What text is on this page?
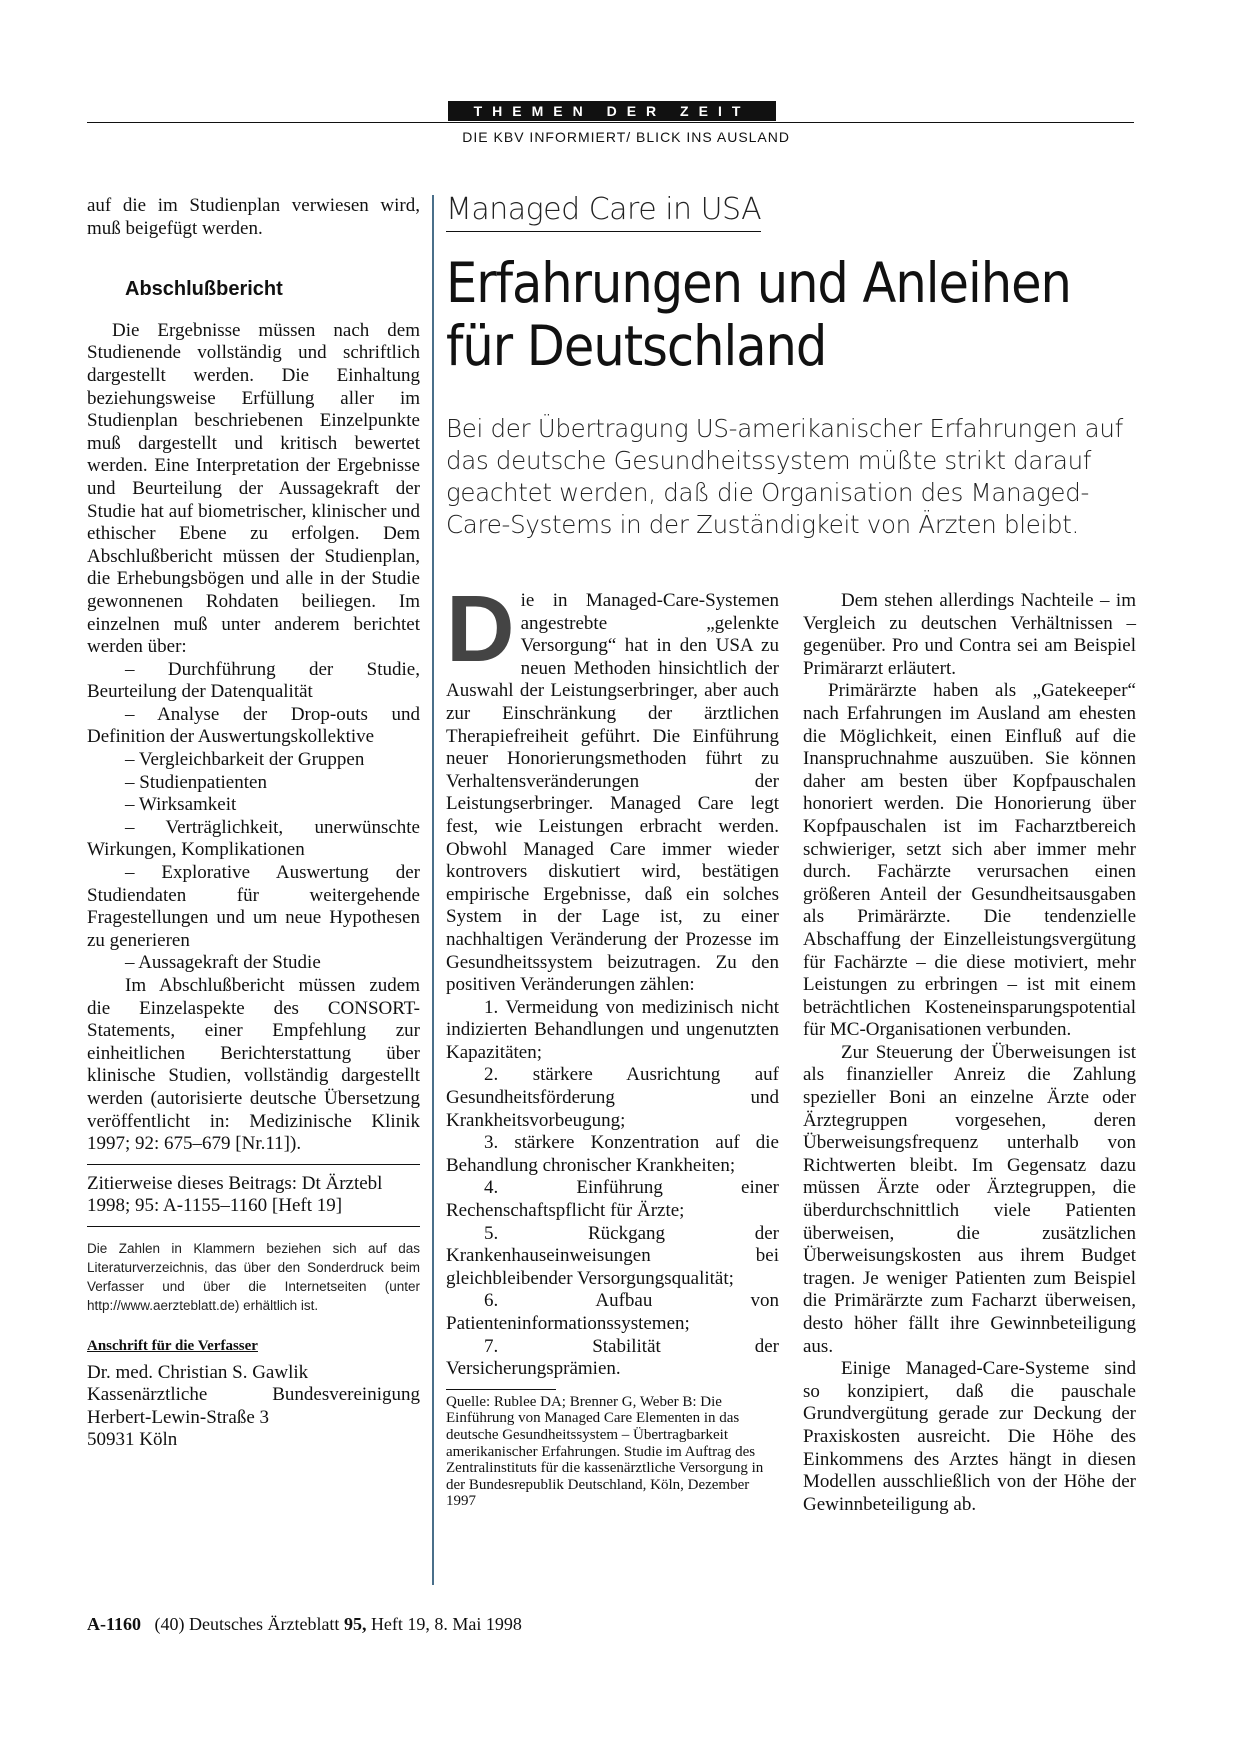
THEMEN DER ZEIT
DIE KBV INFORMIERT/ BLICK INS AUSLAND

auf die im Studienplan verwiesen wird, muß beigefügt werden.

Abschlußbericht

Die Ergebnisse müssen nach dem Studienende vollständig und schriftlich dargestellt werden. Die Einhaltung beziehungsweise Erfüllung aller im Studienplan beschriebenen Einzelpunkte muß dargestellt und kritisch bewertet werden. Eine Interpretation der Ergebnisse und Beurteilung der Aussagekraft der Studie hat auf biometrischer, klinischer und ethischer Ebene zu erfolgen. Dem Abschlußbericht müssen der Studienplan, die Erhebungsbögen und alle in der Studie gewonnenen Rohdaten beiliegen. Im einzelnen muß unter anderem berichtet werden über:

– Durchführung der Studie, Beurteilung der Datenqualität

– Analyse der Drop-outs und Definition der Auswertungskollektive

– Vergleichbarkeit der Gruppen

– Studienpatienten

– Wirksamkeit

– Verträglichkeit, unerwünschte Wirkungen, Komplikationen

– Explorative Auswertung der Studiendaten für weitergehende Fragestellungen und um neue Hypothesen zu generieren

– Aussagekraft der Studie

Im Abschlußbericht müssen zudem die Einzelaspekte des CONSORT-Statements, einer Empfehlung zur einheitlichen Berichterstattung über klinische Studien, vollständig dargestellt werden (autorisierte deutsche Übersetzung veröffentlicht in: Medizinische Klinik 1997; 92: 675–679 [Nr.11]).

Zitierweise dieses Beitrags: Dt Ärztebl 1998; 95: A-1155–1160 [Heft 19]

Die Zahlen in Klammern beziehen sich auf das Literaturverzeichnis, das über den Sonderdruck beim Verfasser und über die Internetseiten (unter http://www.aerzteblatt.de) erhältlich ist.

Anschrift für die Verfasser

Dr. med. Christian S. Gawlik
Kassenärztliche Bundesvereinigung
Herbert-Lewin-Straße 3
50931 Köln
Managed Care in USA
Erfahrungen und Anleihen
für Deutschland
Bei der Übertragung US-amerikanischer Erfahrungen auf das deutsche Gesundheitssystem müßte strikt darauf geachtet werden, daß die Organisation des Managed-Care-Systems in der Zuständigkeit von Ärzten bleibt.

Die in Managed-Care-Systemen angestrebte „gelenkte Versorgung“ hat in den USA zu neuen Methoden hinsichtlich der Auswahl der Leistungserbringer, aber auch zur Einschränkung der ärztlichen Therapiefreiheit geführt. Die Einführung neuer Honorierungsmethoden führt zu Verhaltensveränderungen der Leistungserbringer. Managed Care legt fest, wie Leistungen erbracht werden. Obwohl Managed Care immer wieder kontrovers diskutiert wird, bestätigen empirische Ergebnisse, daß ein solches System in der Lage ist, zu einer nachhaltigen Veränderung der Prozesse im Gesundheitssystem beizutragen. Zu den positiven Veränderungen zählen:

1. Vermeidung von medizinisch nicht indizierten Behandlungen und ungenutzten Kapazitäten;

2. stärkere Ausrichtung auf Gesundheitsförderung und Krankheitsvorbeugung;

3. stärkere Konzentration auf die Behandlung chronischer Krankheiten;

4. Einführung einer Rechenschaftspflicht für Ärzte;

5. Rückgang der Krankenhauseinweisungen bei gleichbleibender Versorgungsqualität;

6. Aufbau von Patienteninformationssystemen;

7. Stabilität der Versicherungsprämien.

Quelle: Rublee DA; Brenner G, Weber B: Die Einführung von Managed Care Elementen in das deutsche Gesundheitssystem – Übertragbarkeit amerikanischer Erfahrungen. Studie im Auftrag des Zentralinstituts für die kassenärztliche Versorgung in der Bundesrepublik Deutschland, Köln, Dezember 1997

Dem stehen allerdings Nachteile – im Vergleich zu deutschen Verhältnissen – gegenüber. Pro und Contra sei am Beispiel Primärarzt erläutert.

Primärärzte haben als „Gatekeeper“ nach Erfahrungen im Ausland am ehesten die Möglichkeit, einen Einfluß auf die Inanspruchnahme auszuüben. Sie können daher am besten über Kopfpauschalen honoriert werden. Die Honorierung über Kopfpauschalen ist im Facharztbereich schwieriger, setzt sich aber immer mehr durch. Fachärzte verursachen einen größeren Anteil der Gesundheitsausgaben als Primärärzte. Die tendenzielle Abschaffung der Einzelleistungsvergütung für Fachärzte – die diese motiviert, mehr Leistungen zu erbringen – ist mit einem beträchtlichen Kosteneinsparungspotential für MC-Organisationen verbunden.

Zur Steuerung der Überweisungen ist als finanzieller Anreiz die Zahlung spezieller Boni an einzelne Ärzte oder Ärztegruppen vorgesehen, deren Überweisungsfrequenz unterhalb von Richtwerten bleibt. Im Gegensatz dazu müssen Ärzte oder Ärztegruppen, die überdurchschnittlich viele Patienten überweisen, die zusätzlichen Überweisungskosten aus ihrem Budget tragen. Je weniger Patienten zum Beispiel die Primärärzte zum Facharzt überweisen, desto höher fällt ihre Gewinnbeteiligung aus.

Einige Managed-Care-Systeme sind so konzipiert, daß die pauschale Grundvergütung gerade zur Deckung der Praxiskosten ausreicht. Die Höhe des Einkommens des Arztes hängt in diesen Modellen ausschließlich von der Höhe der Gewinnbeteiligung ab.

A-1160 (40) Deutsches Ärzteblatt 95, Heft 19, 8. Mai 1998
